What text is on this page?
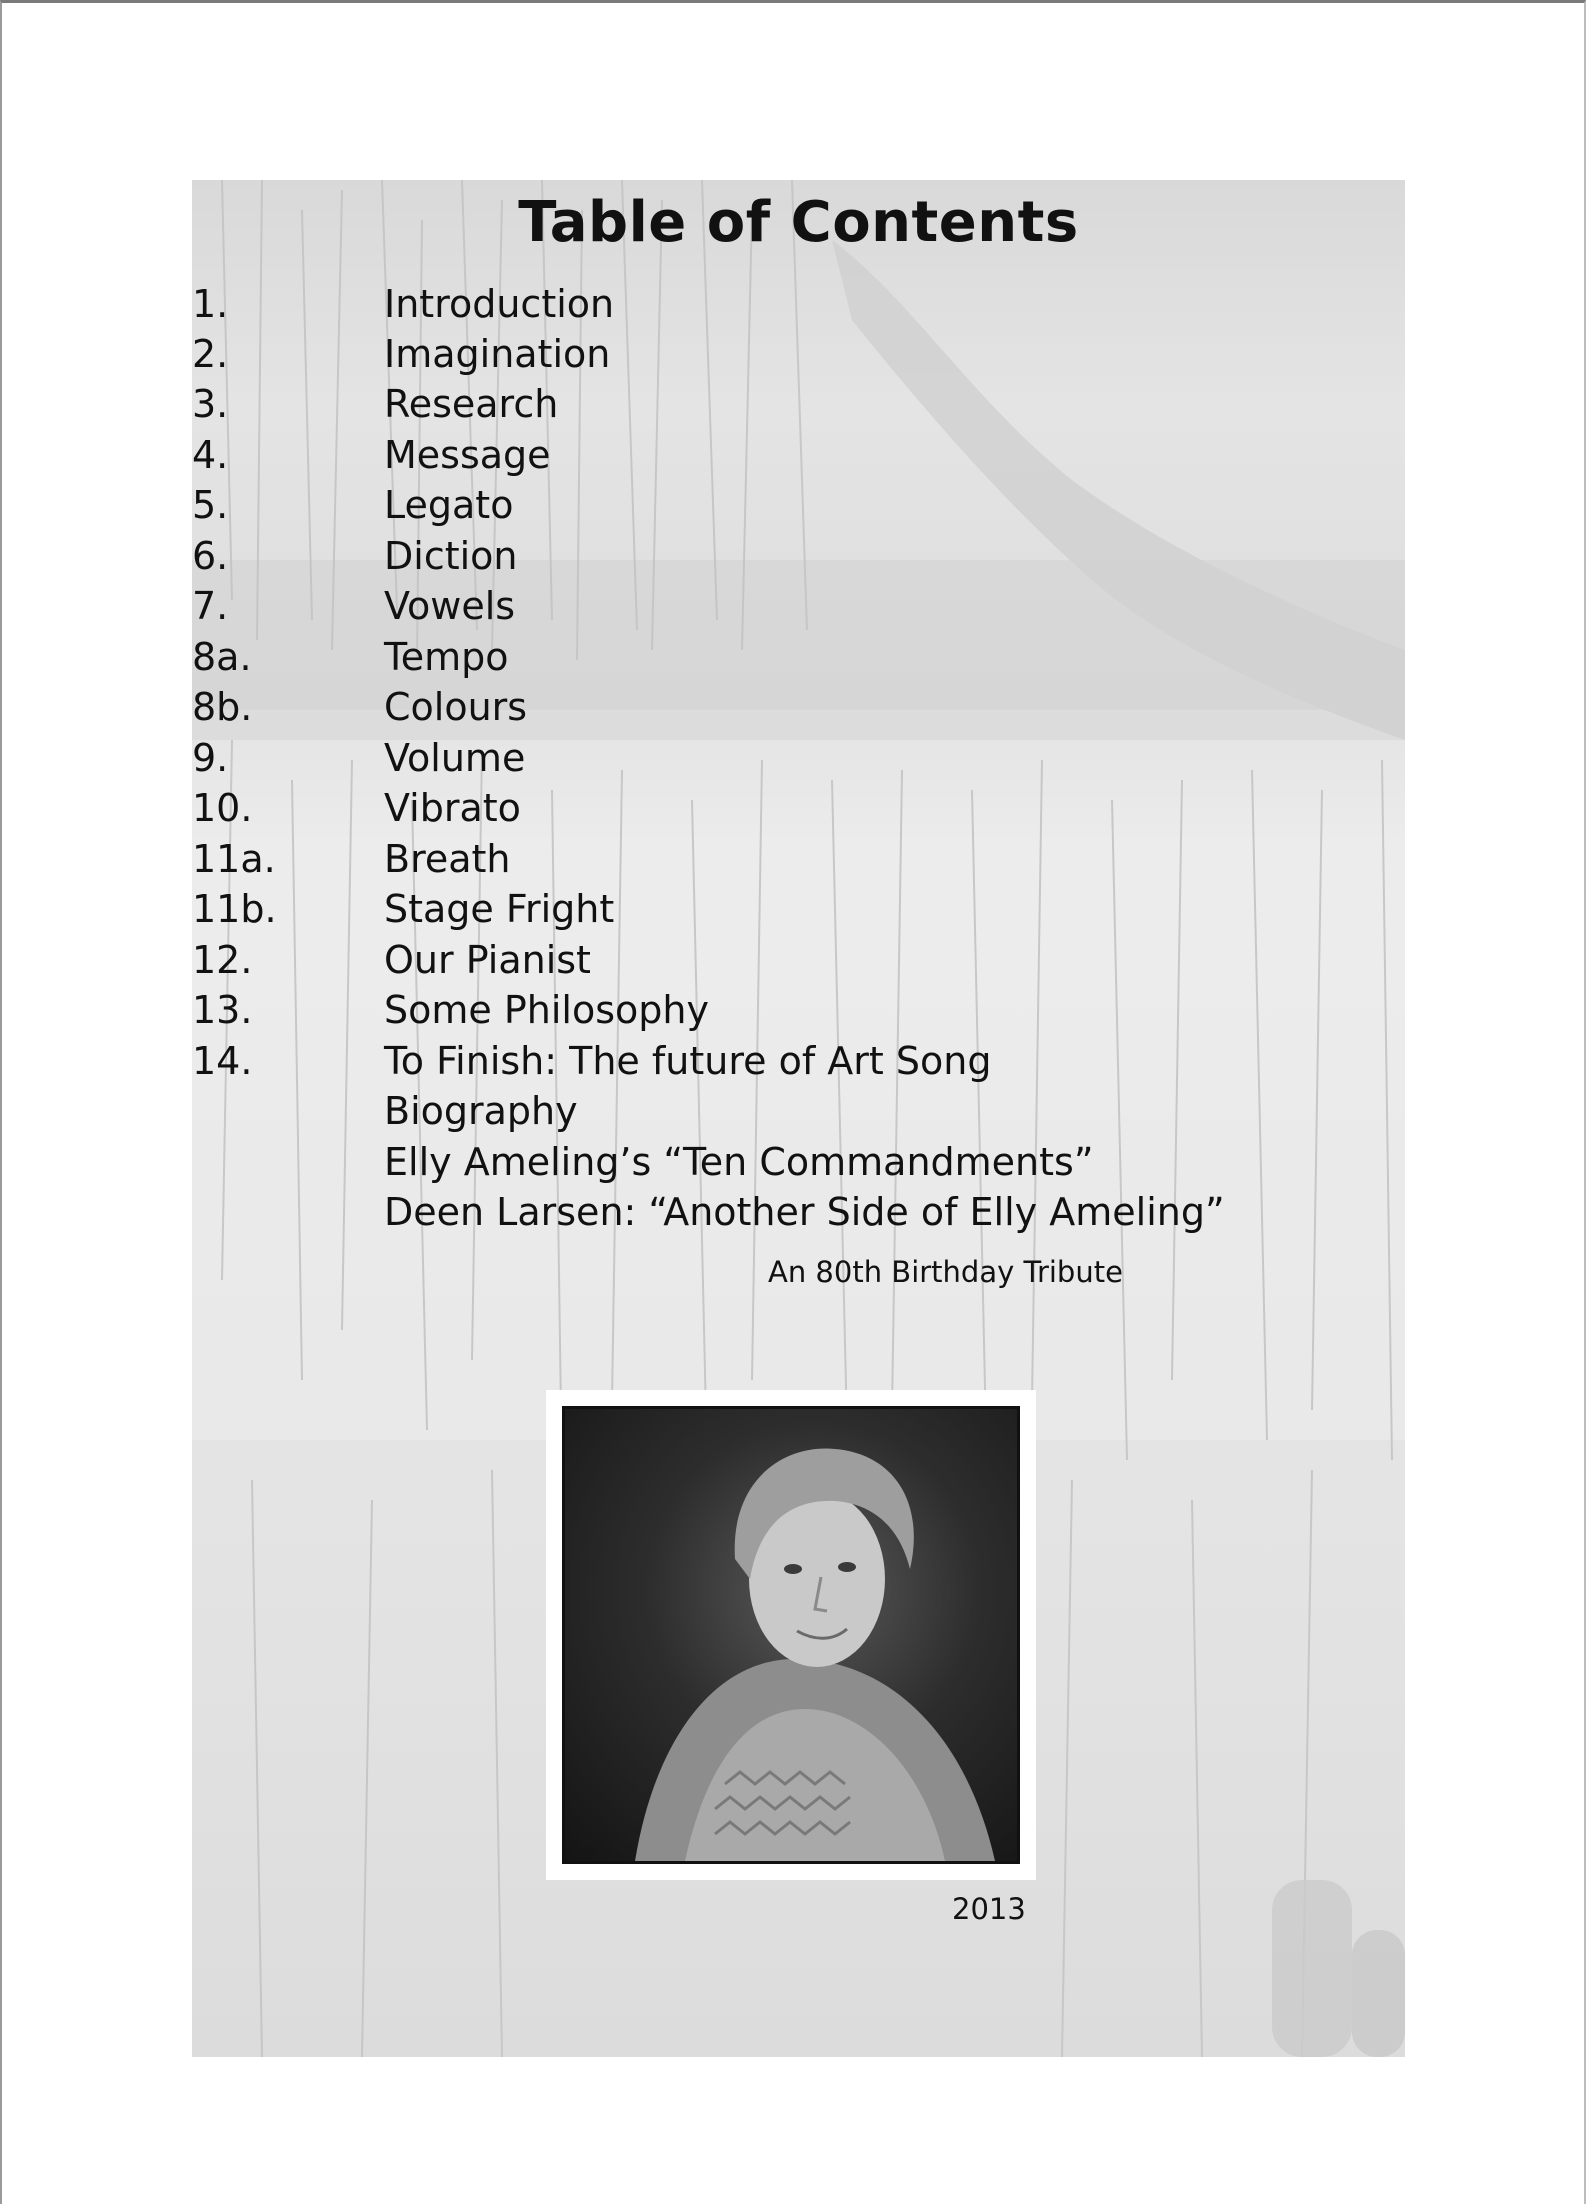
Table of Contents
1.	Introduction
2.	Imagination
3.	Research
4.	Message
5.	Legato
6.	Diction
7.	Vowels
8a.	Tempo
8b.	Colours
9.	Volume
10.	Vibrato
11a.	Breath
11b.	Stage Fright
12.	Our Pianist
13.	Some Philosophy
14.	To Finish: The future of Art Song
Biography
Elly Ameling’s “Ten Commandments”
Deen Larsen: “Another Side of Elly Ameling”
An 80th Birthday Tribute
2013
